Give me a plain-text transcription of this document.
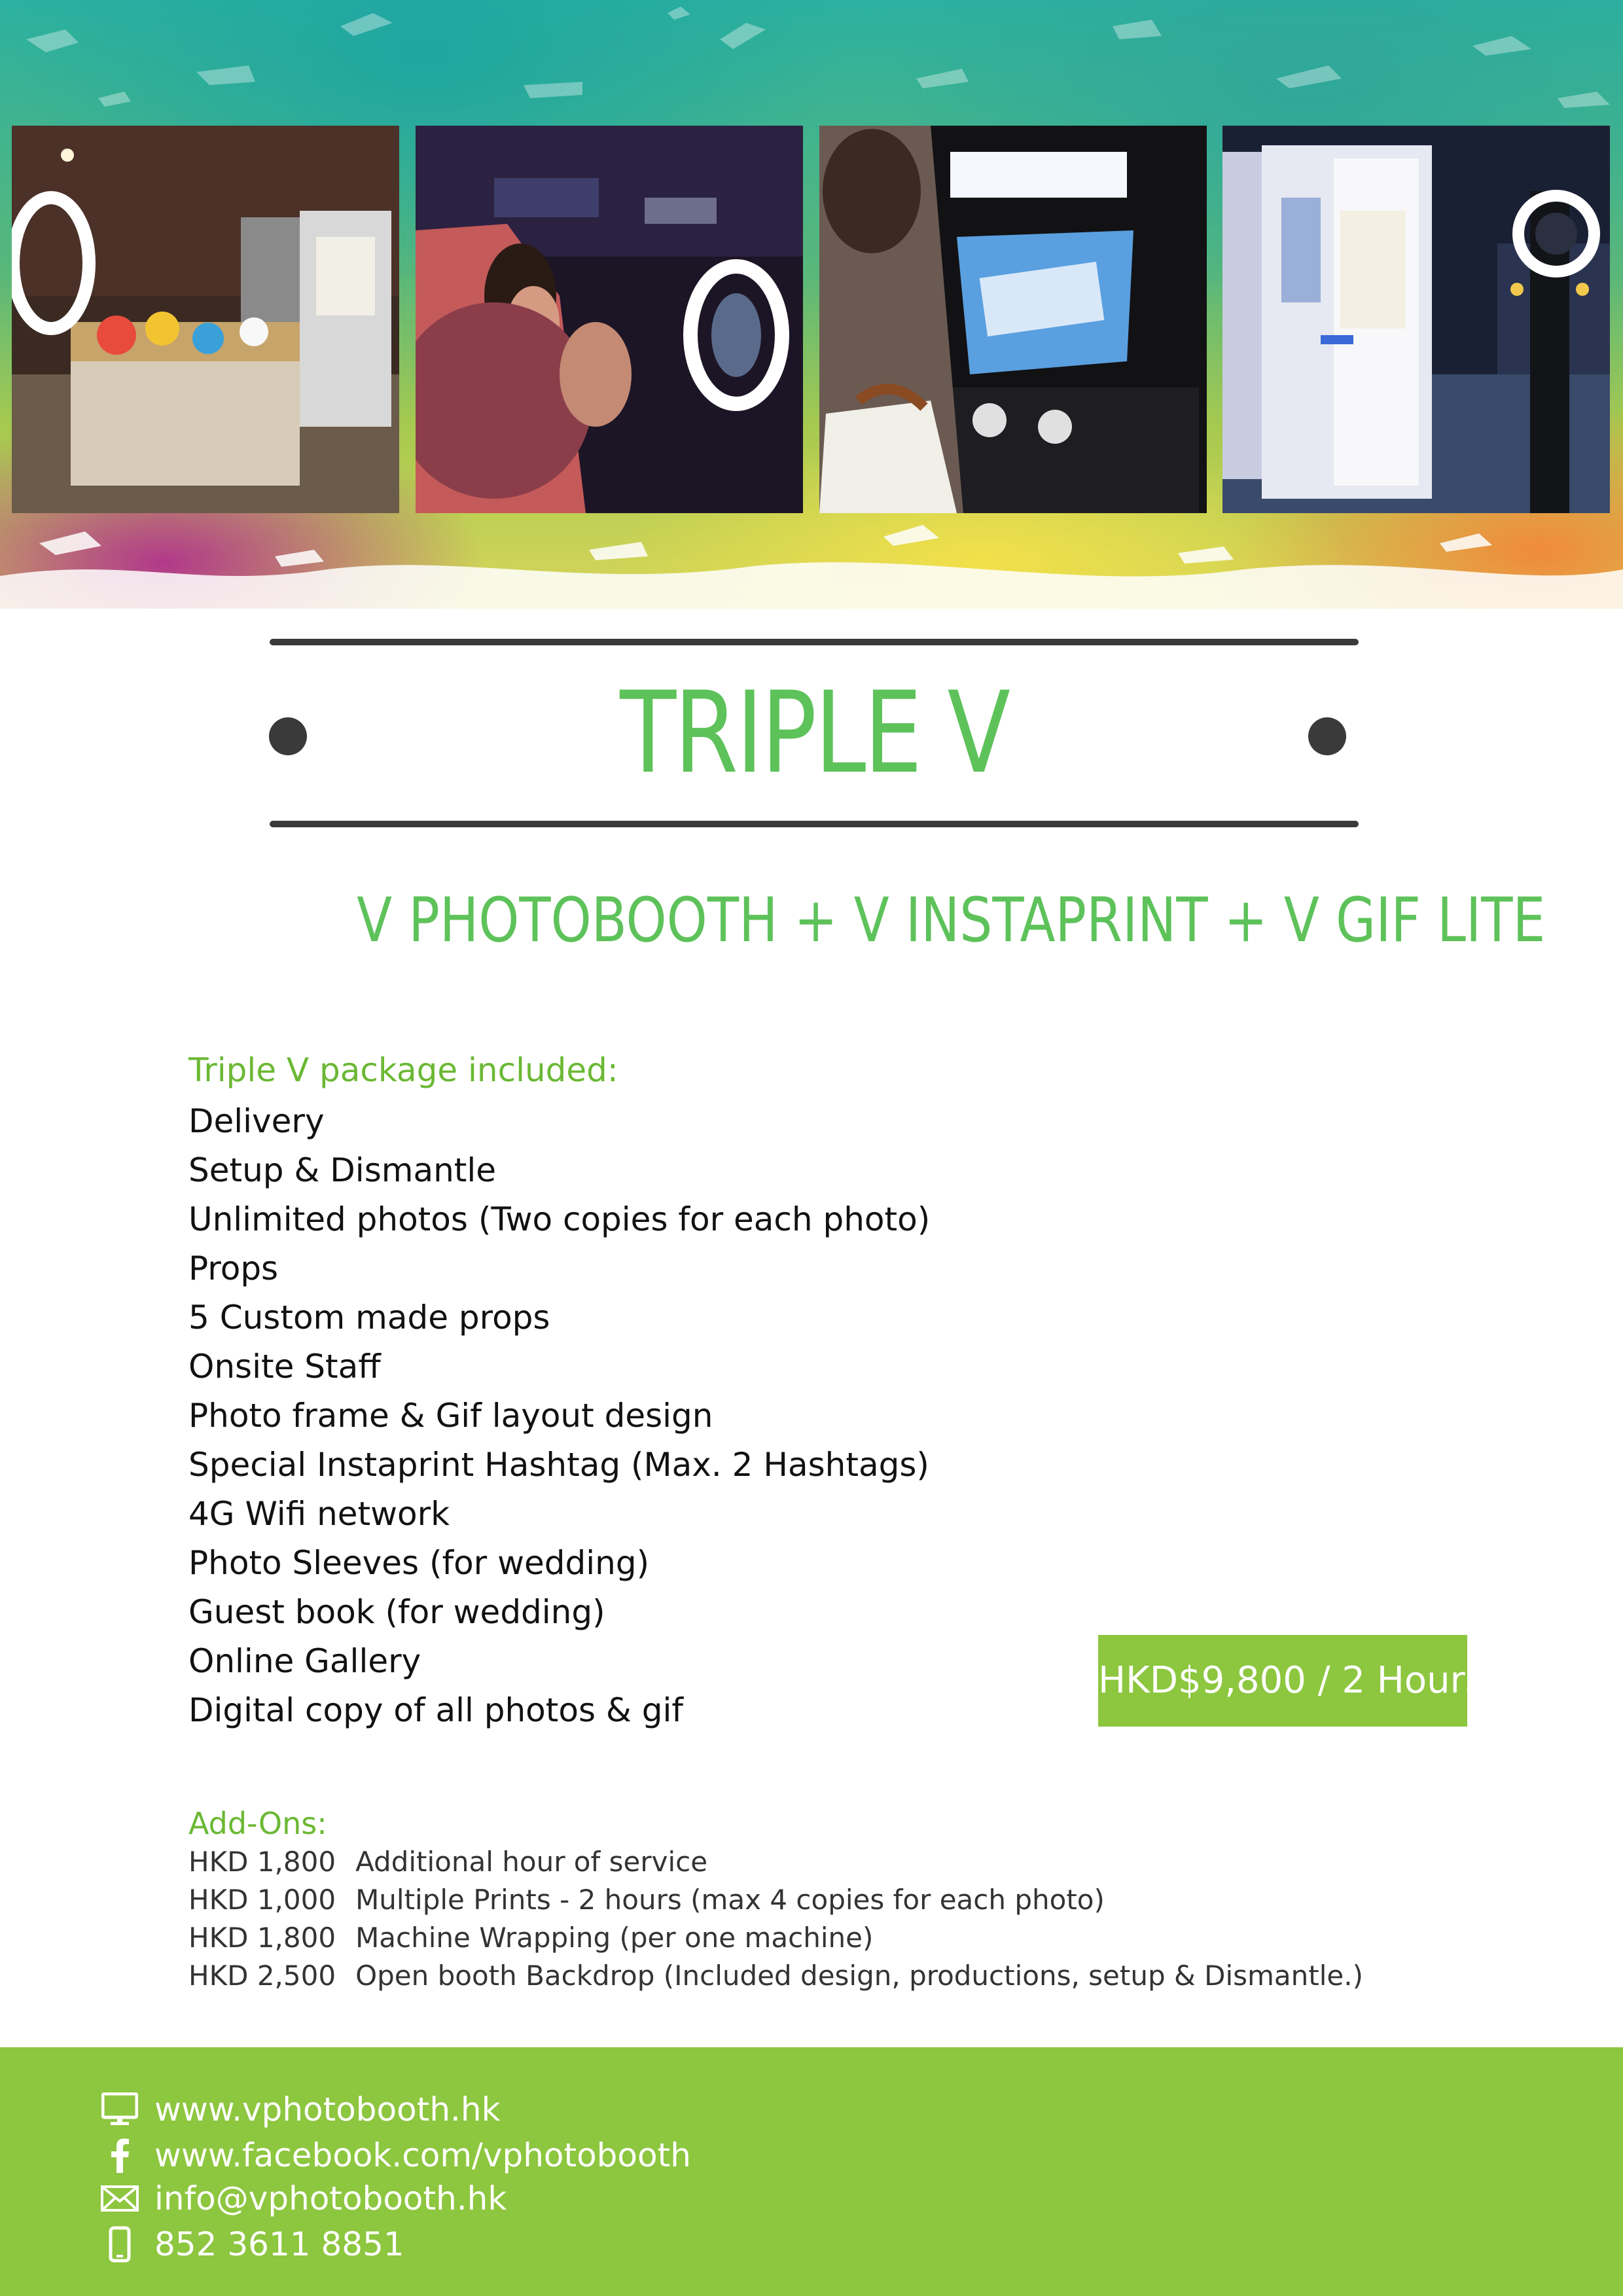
TRIPLE V
V PHOTOBOOTH + V INSTAPRINT + V GIF LITE
Triple V package included:
Delivery
Setup & Dismantle
Unlimited photos (Two copies for each photo)
Props
5 Custom made props
Onsite Staff
Photo frame & Gif layout design
Special Instaprint Hashtag (Max. 2 Hashtags)
4G Wifi network
Photo Sleeves (for wedding)
Guest book (for wedding)
Online Gallery
Digital copy of all photos & gif
HKD$9,800 / 2 Hours
Add-Ons:
HKD 1,800 Additional hour of service
HKD 1,000 Multiple Prints - 2 hours (max 4 copies for each photo)
HKD 1,800 Machine Wrapping (per one machine)
HKD 2,500 Open booth Backdrop (Included design, productions, setup & Dismantle.)
www.vphotobooth.hk
www.facebook.com/vphotobooth
info@vphotobooth.hk
852 3611 8851
